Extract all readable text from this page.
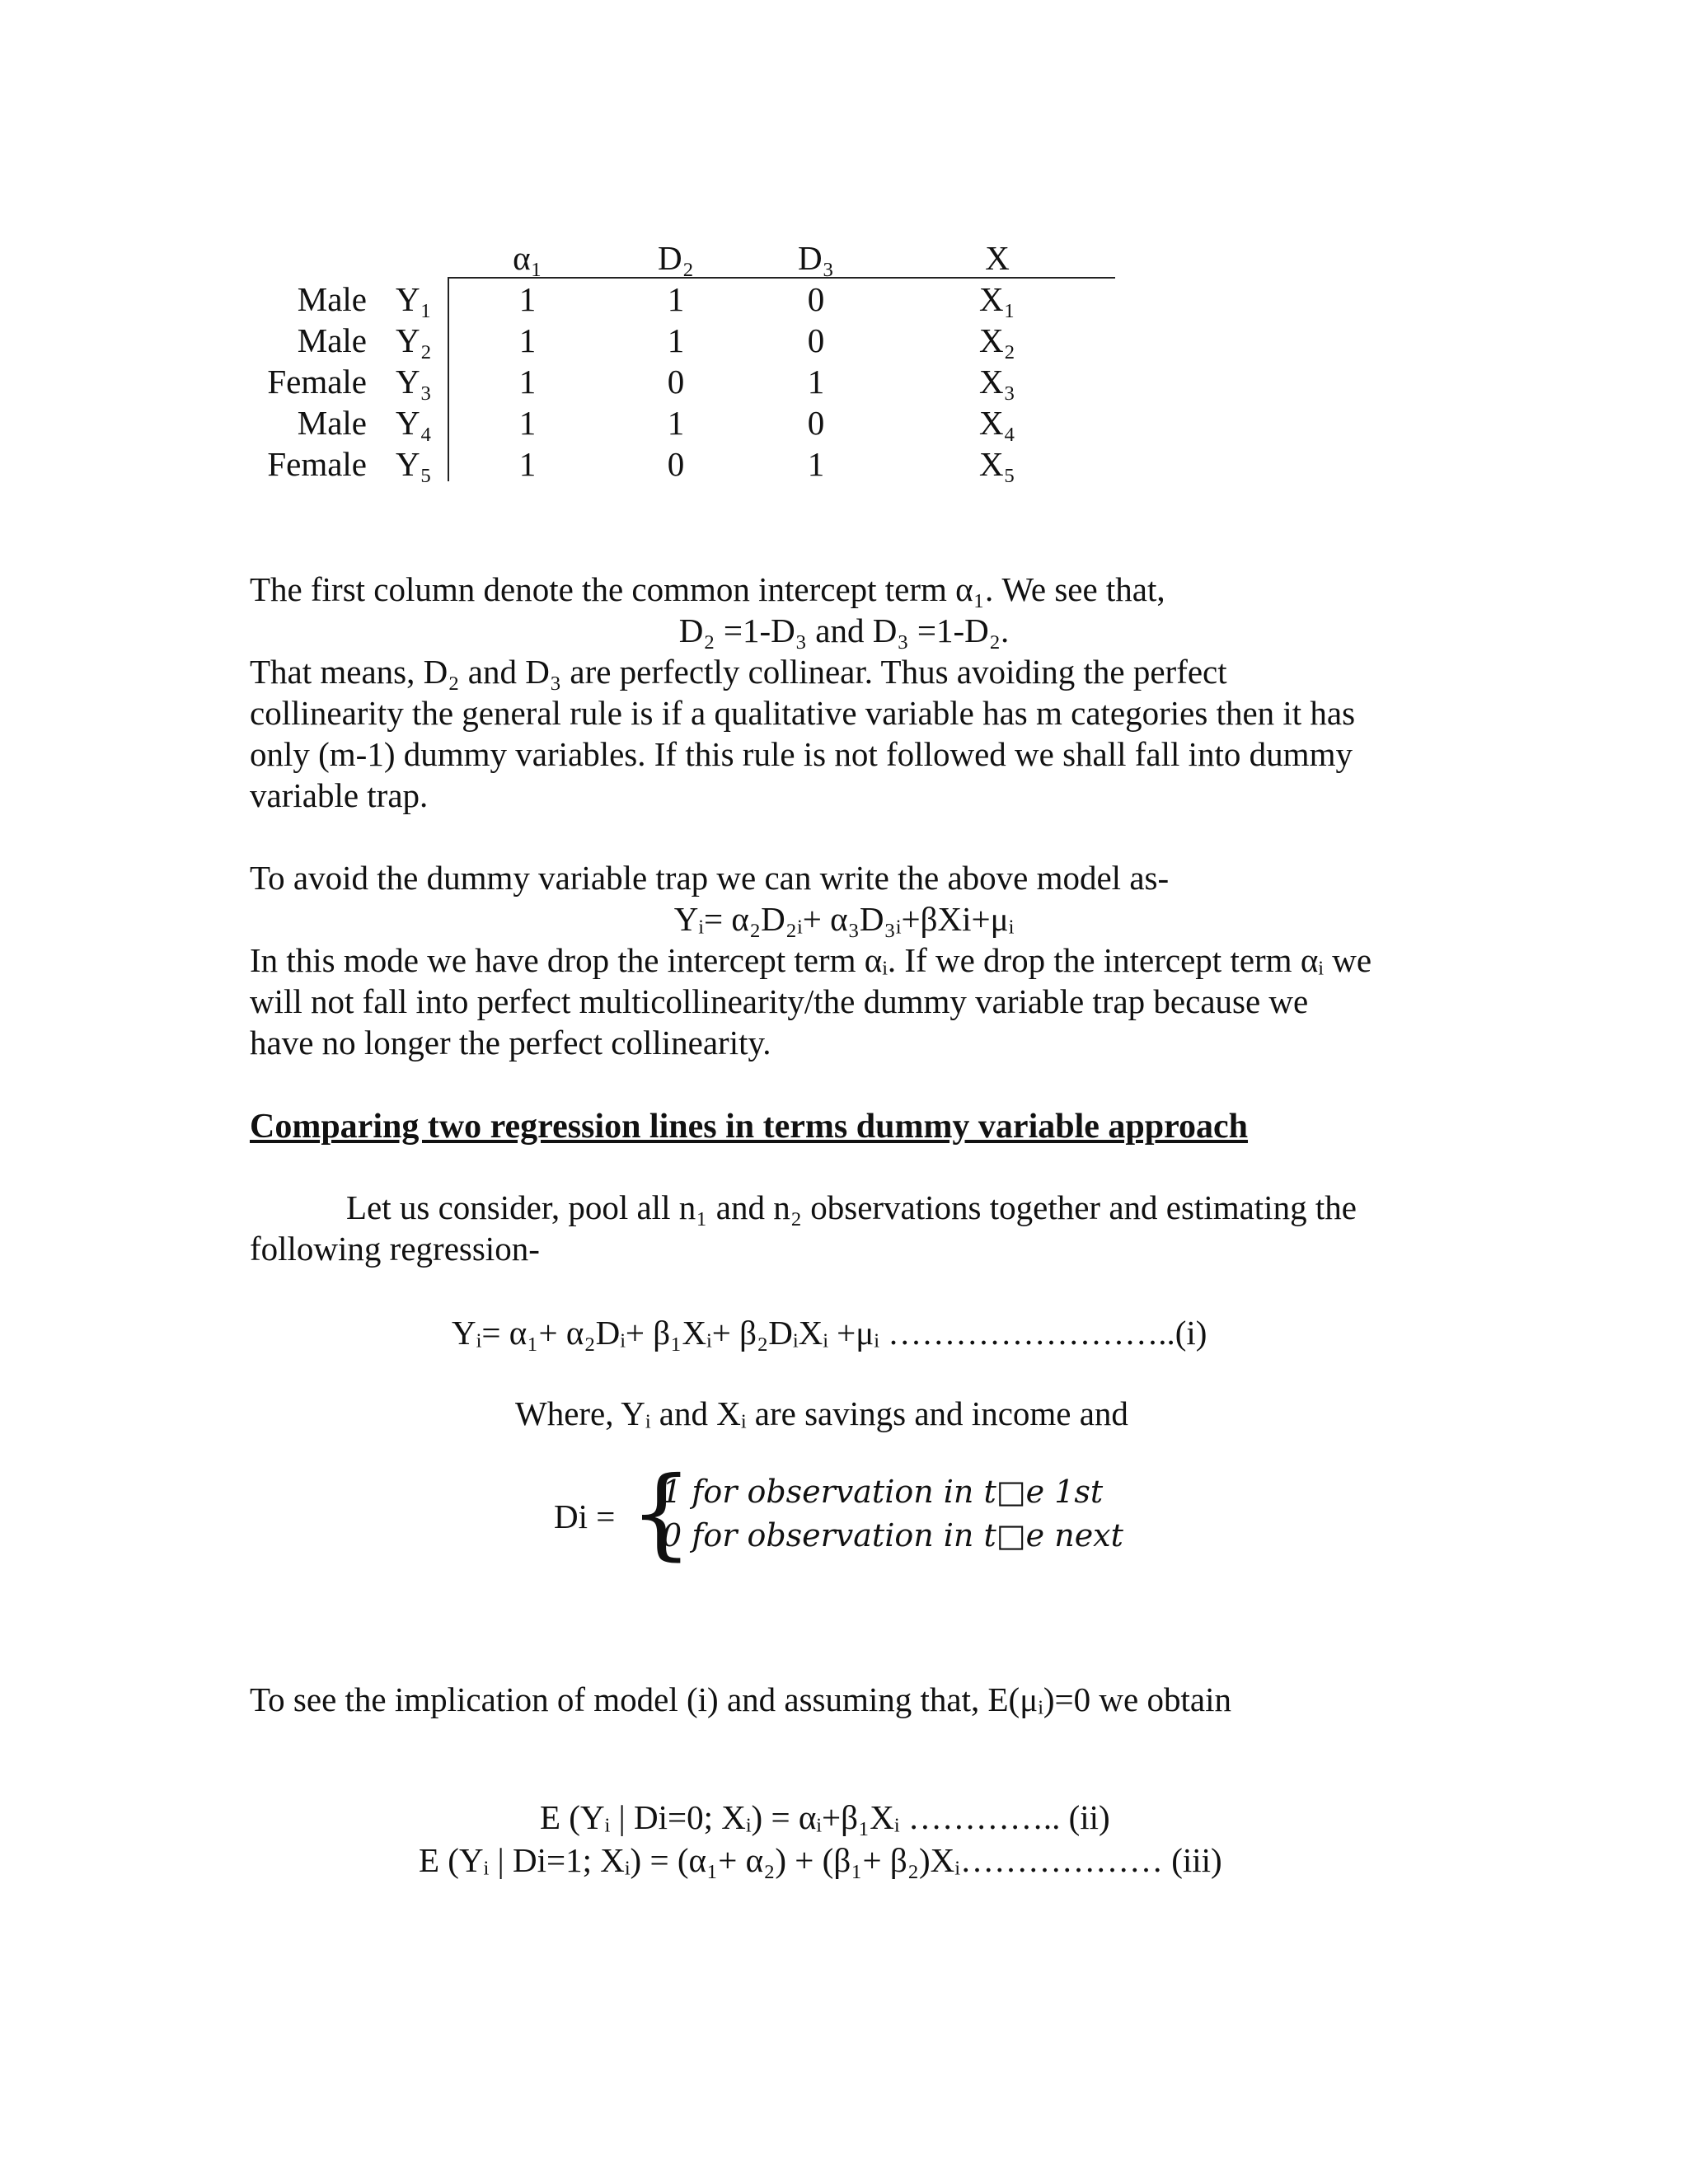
α₁	D₂	D₃	X
Male Y₁	1	1	0	X₁
Male Y₂	1	1	0	X₂
Female Y₃	1	0	1	X₃
Male Y₄	1	1	0	X₄
Female Y₅	1	0	1	X₅
The first column denote the common intercept term α₁. We see that,
D₂ =1-D₃ and D₃ =1-D₂.
That means, D₂ and D₃ are perfectly collinear. Thus avoiding the perfect
collinearity the general rule is if a qualitative variable has m categories then it has
only (m-1) dummy variables. If this rule is not followed we shall fall into dummy
variable trap.
To avoid the dummy variable trap we can write the above model as-
Yᵢ= α₂D₂ᵢ+ α₃D₃ᵢ+βXi+μᵢ
In this mode we have drop the intercept term αᵢ. If we drop the intercept term αᵢ we
will not fall into perfect multicollinearity/the dummy variable trap because we
have no longer the perfect collinearity.
Comparing two regression lines in terms dummy variable approach
Let us consider, pool all n₁ and n₂ observations together and estimating the
following regression-
Yᵢ= α₁+ α₂Dᵢ+ β₁Xᵢ+ β₂DᵢXᵢ +μᵢ ……………………..(i)
Where, Yᵢ and Xᵢ are savings and income and
Di = {
1 for observation in t□e 1st
0 for observation in t□e next
To see the implication of model (i) and assuming that, E(μᵢ)=0 we obtain
E (Yᵢ | Di=0; Xᵢ) = αᵢ+β₁Xᵢ ………….. (ii)
E (Yᵢ | Di=1; Xᵢ) = (α₁+ α₂) + (β₁+ β₂)Xᵢ……………… (iii)
